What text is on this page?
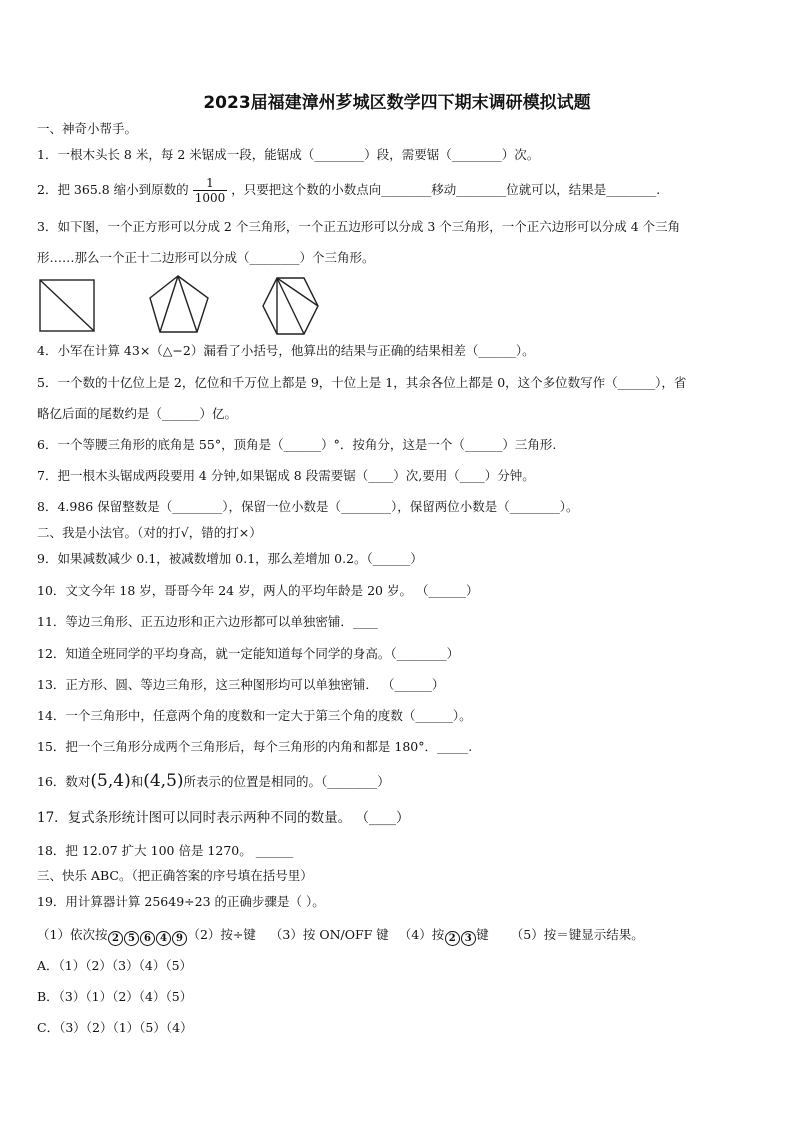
2023届福建漳州芗城区数学四下期末调研模拟试题
一、神奇小帮手。
1．一根木头长 8 米，每 2 米锯成一段，能锯成（________）段，需要锯（________）次。
2．把 365.8 缩小到原数的 $\frac{1}{1000}$ ，只要把这个数的小数点向________移动________位就可以，结果是________.
3．如下图，一个正方形可以分成 2 个三角形，一个正五边形可以分成 3 个三角形，一个正六边形可以分成 4 个三角
形……那么一个正十二边形可以分成（________）个三角形。
4．小军在计算 43×（△−2）漏看了小括号，他算出的结果与正确的结果相差（______）。
5．一个数的十亿位上是 2，亿位和千万位上都是 9，十位上是 1，其余各位上都是 0，这个多位数写作（______），省
略亿后面的尾数约是（______）亿。
6．一个等腰三角形的底角是 55°，顶角是（______）°．按角分，这是一个（______）三角形.
7．把一根木头锯成两段要用 4 分钟,如果锯成 8 段需要锯（____）次,要用（____）分钟。
8．4.986 保留整数是（________），保留一位小数是（________），保留两位小数是（________）。
二、我是小法官。（对的打√，错的打×）
9．如果减数减少 0.1，被减数增加 0.1，那么差增加 0.2。（______）
10．文文今年 18 岁，哥哥今年 24 岁，两人的平均年龄是 20 岁。 （______）
11．等边三角形、正五边形和正六边形都可以单独密铺．____
12．知道全班同学的平均身高，就一定能知道每个同学的身高。（________）
13．正方形、圆、等边三角形，这三种图形均可以单独密铺． （______）
14．一个三角形中，任意两个角的度数和一定大于第三个角的度数（______）。
15．把一个三角形分成两个三角形后，每个三角形的内角和都是 180°．_____.
16．数对(5,4)和(4,5)所表示的位置是相同的。（________）
17．复式条形统计图可以同时表示两种不同的数量。 （____）
18．把 12.07 扩大 100 倍是 1270。 ______
三、快乐 ABC。（把正确答案的序号填在括号里）
19．用计算器计算 25649÷23 的正确步骤是（ ）。
（1）依次按 2 5 6 4 9 （2）按÷键 （3）按 ON/OFF 键 （4）按 2 3 键 （5）按＝键显示结果。
A．（1）（2）（3）（4）（5）
B．（3）（1）（2）（4）（5）
C．（3）（2）（1）（5）（4）
